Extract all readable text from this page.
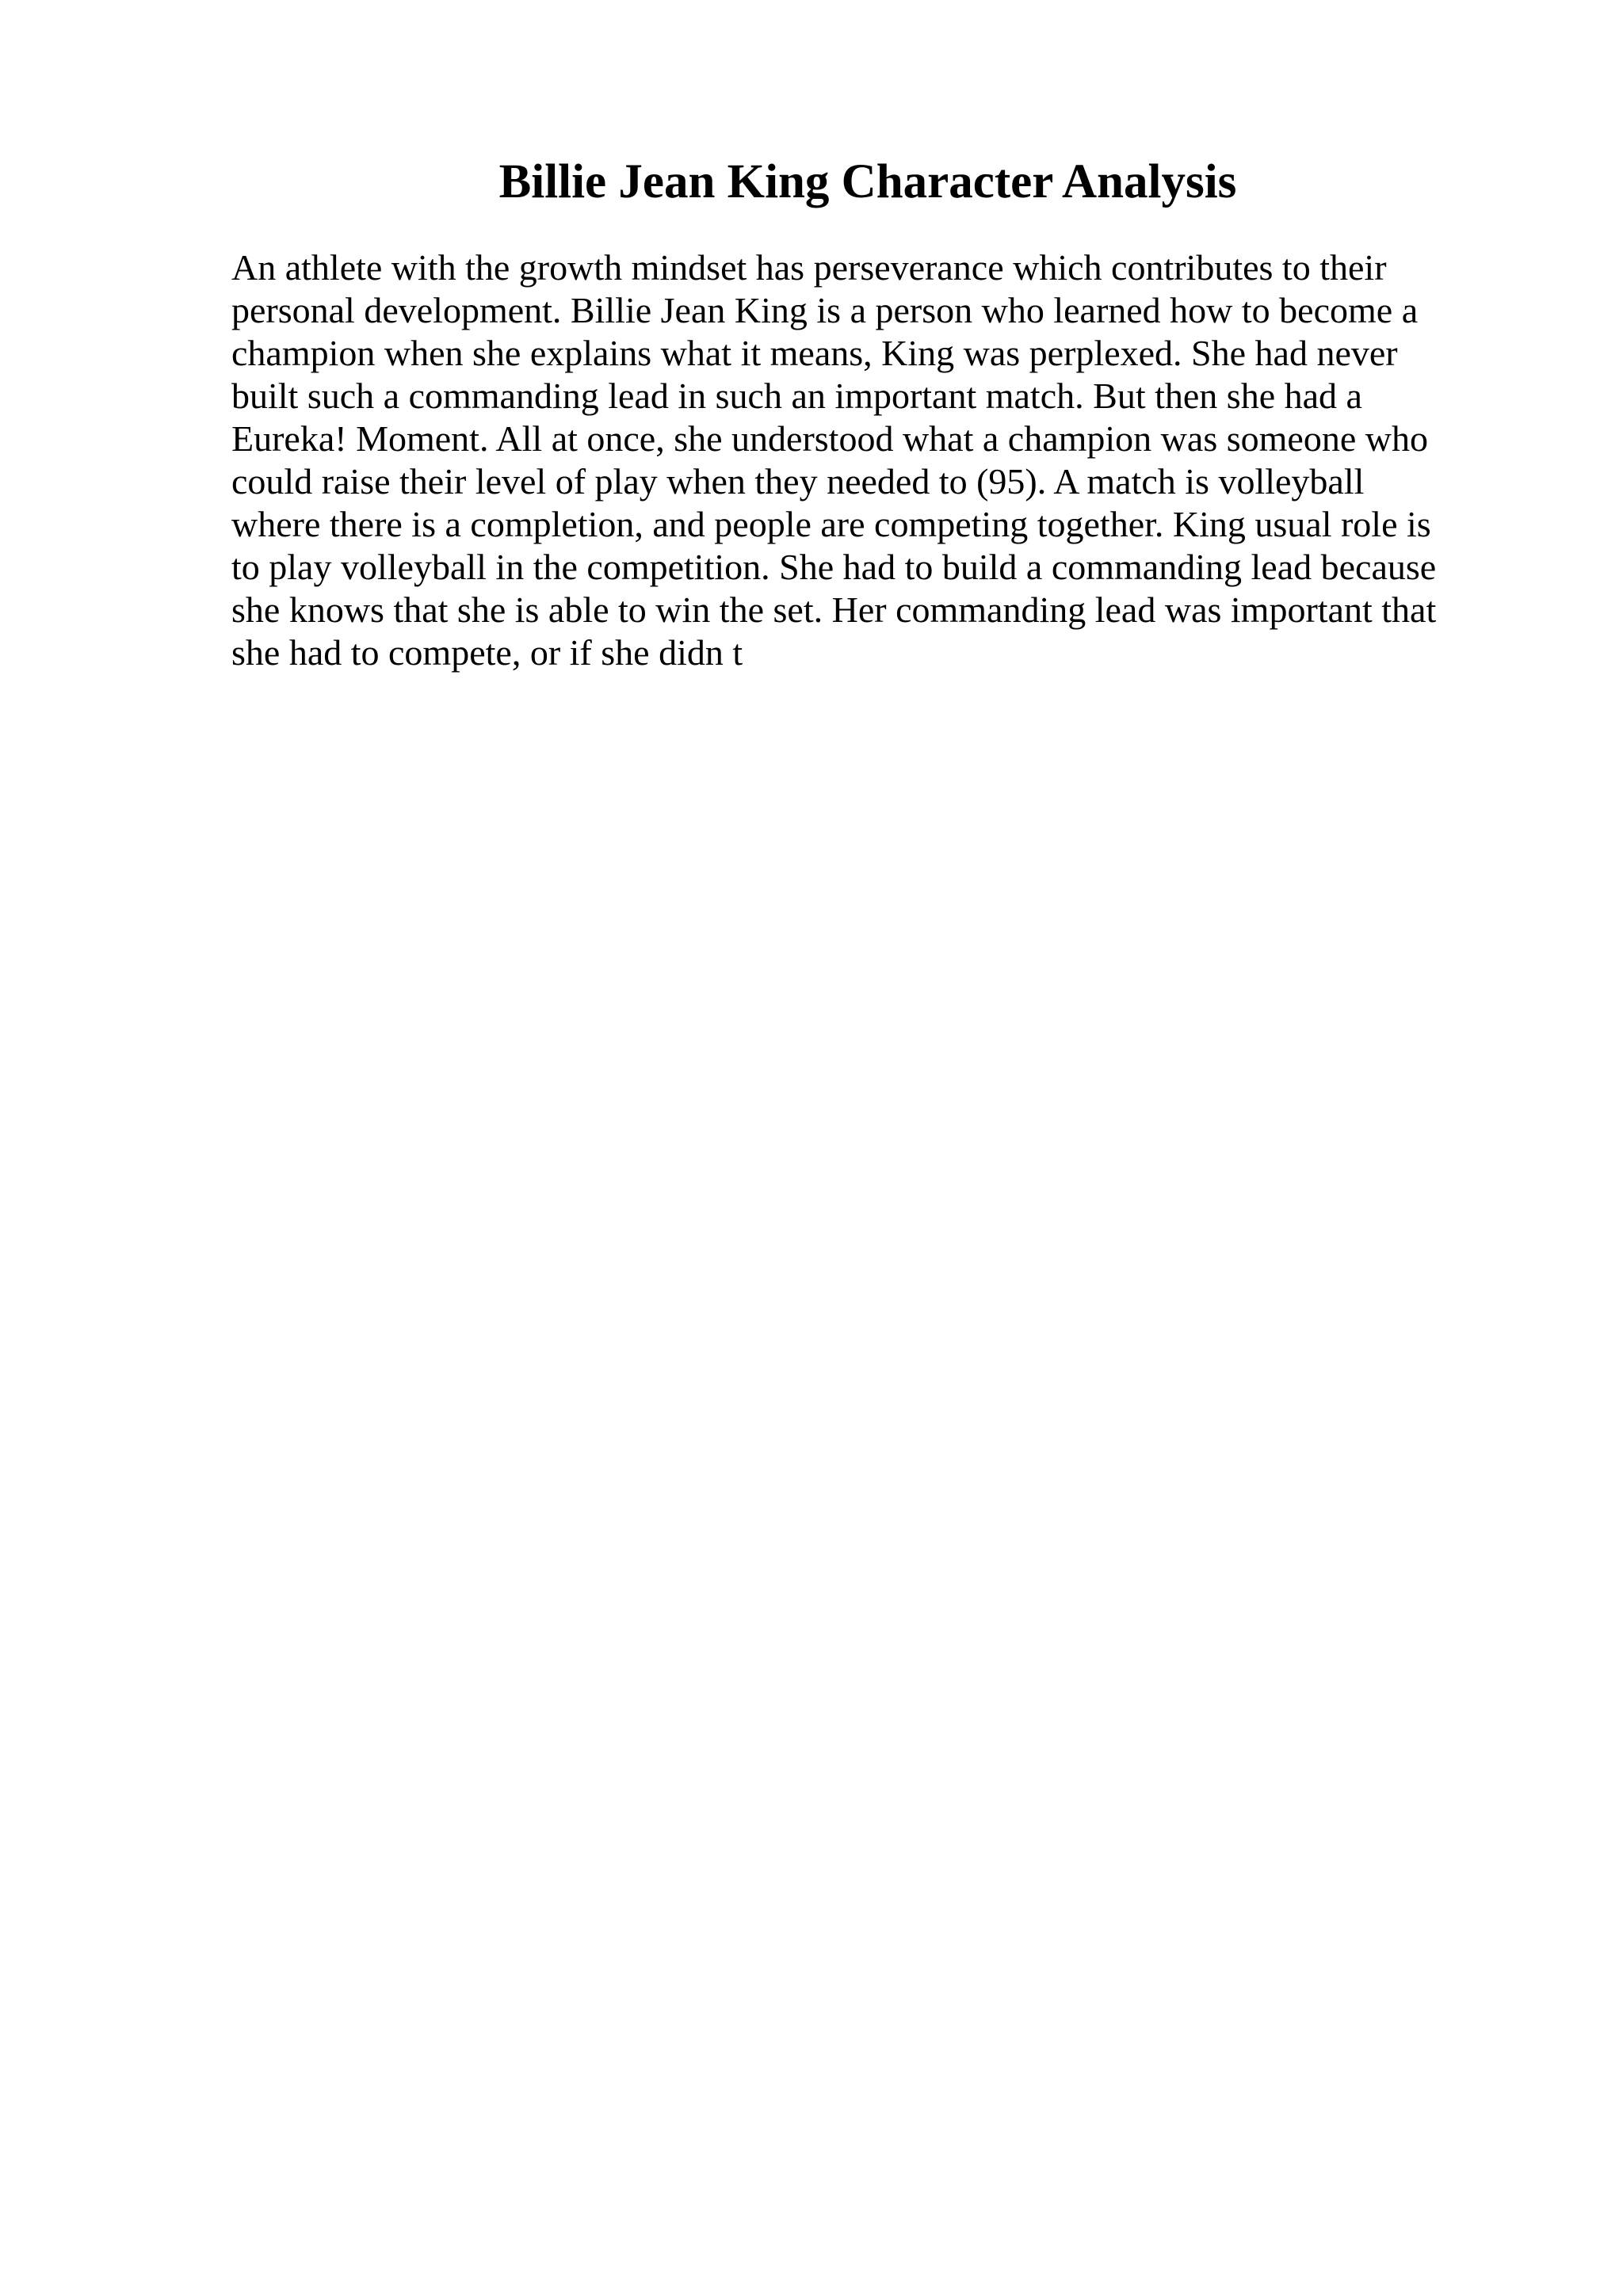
Billie Jean King Character Analysis
An athlete with the growth mindset has perseverance which contributes to their
personal development. Billie Jean King is a person who learned how to become a
champion when she explains what it means, King was perplexed. She had never
built such a commanding lead in such an important match. But then she had a
Eureka! Moment. All at once, she understood what a champion was someone who
could raise their level of play when they needed to (95). A match is volleyball
where there is a completion, and people are competing together. King usual role is
to play volleyball in the competition. She had to build a commanding lead because
she knows that she is able to win the set. Her commanding lead was important that
she had to compete, or if she didn t
